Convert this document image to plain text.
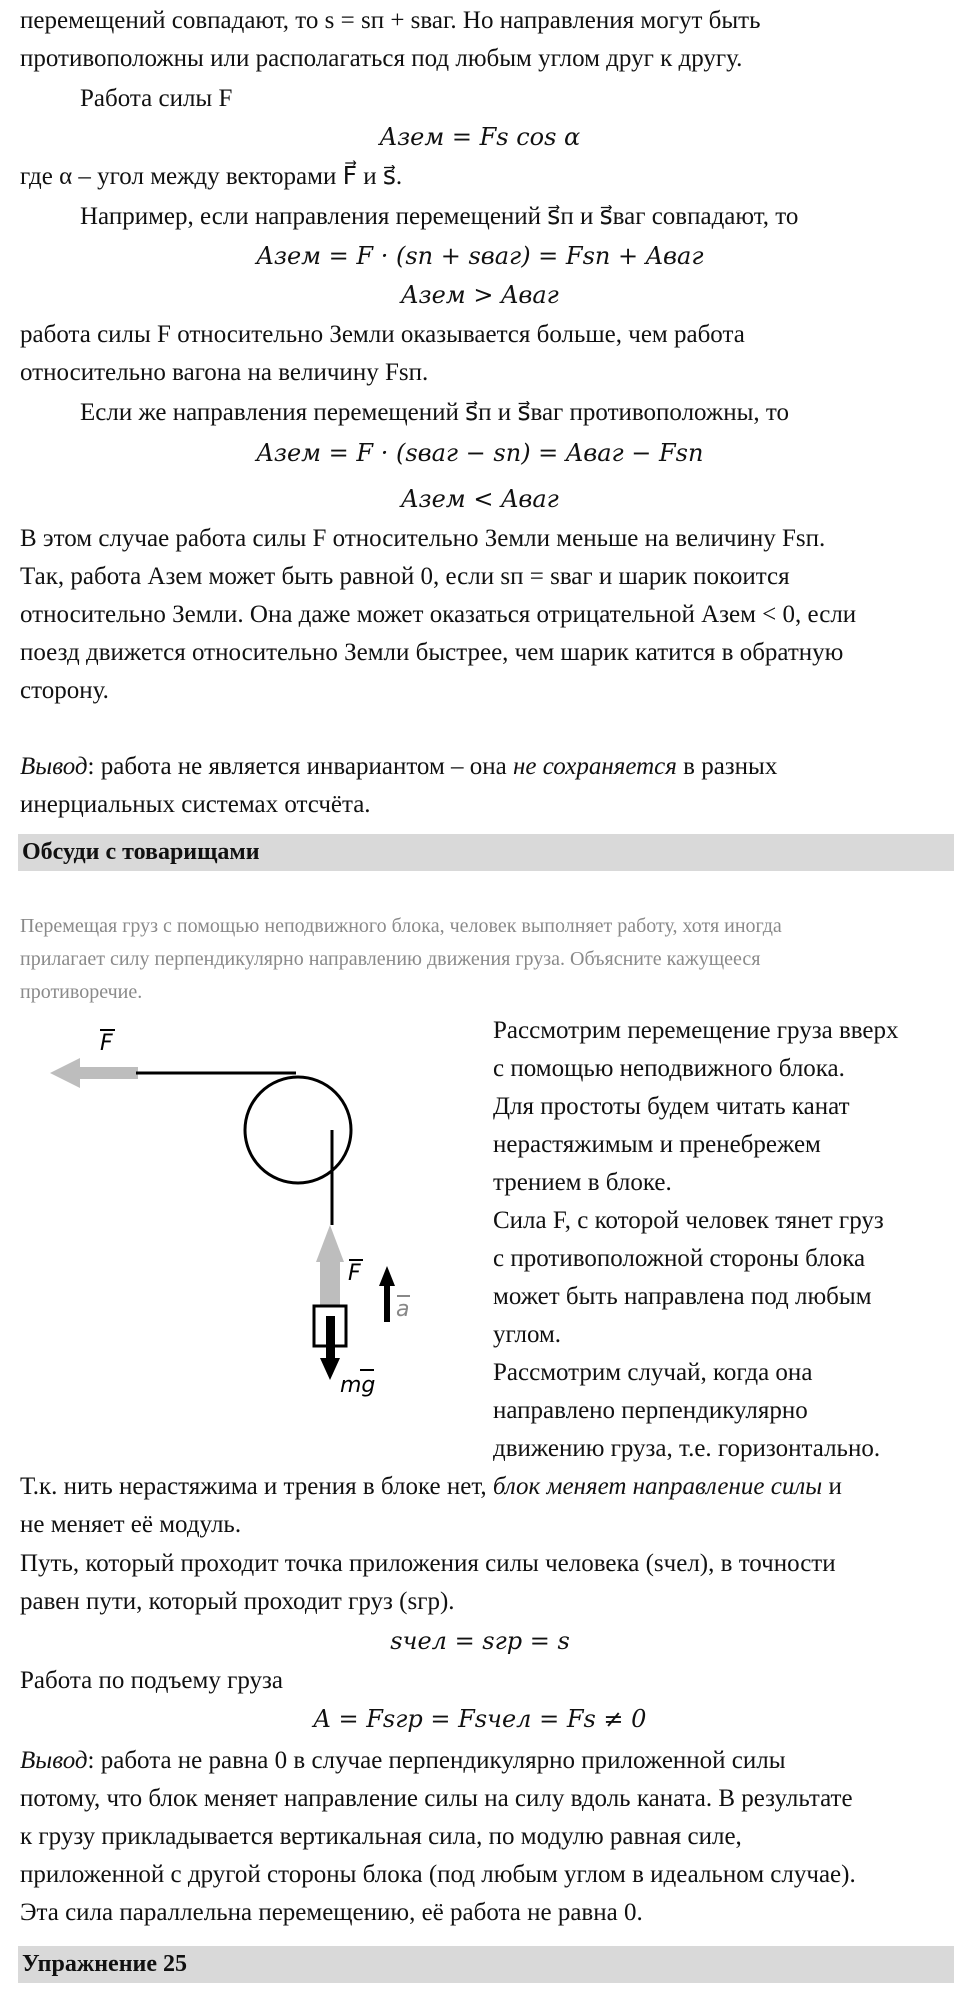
перемещений совпадают, то s = sп + sваг. Но направления могут быть
противоположны или располагаться под любым углом друг к другу.
Работа силы F
Aзем = Fs cos α
где α – угол между векторами F⃗ и s⃗.
Например, если направления перемещений s⃗п и s⃗ваг совпадают, то
Aзем = F · (sп + sваг) = Fsп + Aваг
Aзем > Aваг
работа силы F относительно Земли оказывается больше, чем работа
относительно вагона на величину Fsп.
Если же направления перемещений s⃗п и s⃗ваг противоположны, то
Aзем = F · (sваг − sп) = Aваг − Fsп
Aзем < Aваг
В этом случае работа силы F относительно Земли меньше на величину Fsп.
Так, работа Aзем может быть равной 0, если sп = sваг и шарик покоится
относительно Земли. Она даже может оказаться отрицательной Aзем < 0, если
поезд движется относительно Земли быстрее, чем шарик катится в обратную
сторону.
Вывод: работа не является инвариантом – она не сохраняется в разных
инерциальных системах отсчёта.
Обсуди с товарищами
Перемещая груз с помощью неподвижного блока, человек выполняет работу, хотя иногда
прилагает силу перпендикулярно направлению движения груза. Объясните кажущееся
противоречие.
F
F
a
mg
Рассмотрим перемещение груза вверх
с помощью неподвижного блока.
Для простоты будем читать канат
нерастяжимым и пренебрежем
трением в блоке.
Сила F, с которой человек тянет груз
с противоположной стороны блока
может быть направлена под любым
углом.
Рассмотрим случай, когда она
направлено перпендикулярно
движению груза, т.е. горизонтально.
Т.к. нить нерастяжима и трения в блоке нет, блок меняет направление силы и
не меняет её модуль.
Путь, который проходит точка приложения силы человека (sчел), в точности
равен пути, который проходит груз (sгр).
sчел = sгр = s
Работа по подъему груза
A = Fsгр = Fsчел = Fs ≠ 0
Вывод: работа не равна 0 в случае перпендикулярно приложенной силы
потому, что блок меняет направление силы на силу вдоль каната. В результате
к грузу прикладывается вертикальная сила, по модулю равная силе,
приложенной с другой стороны блока (под любым углом в идеальном случае).
Эта сила параллельна перемещению, её работа не равна 0.
Упражнение 25
